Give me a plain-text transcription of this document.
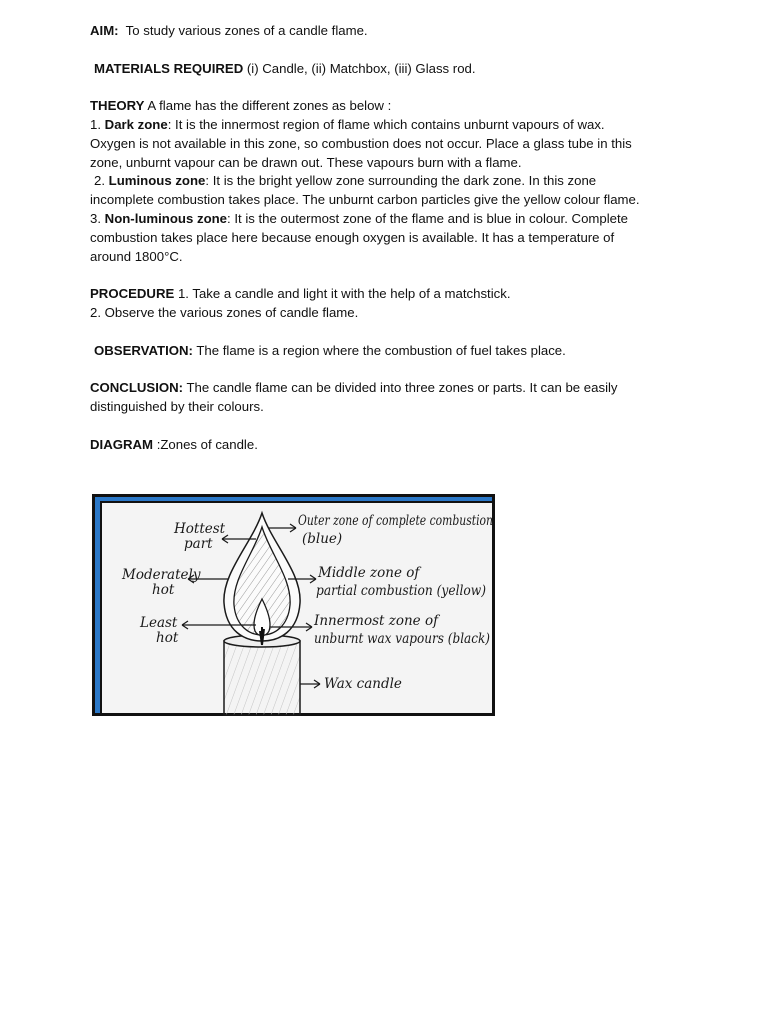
AIM: To study various zones of a candle flame.
MATERIALS REQUIRED (i) Candle, (ii) Matchbox, (iii) Glass rod.
THEORY A flame has the different zones as below :
1. Dark zone: It is the innermost region of flame which contains unburnt vapours of wax.
Oxygen is not available in this zone, so combustion does not occur. Place a glass tube in this
zone, unburnt vapour can be drawn out. These vapours burn with a flame.
2. Luminous zone: It is the bright yellow zone surrounding the dark zone. In this zone
incomplete combustion takes place. The unburnt carbon particles give the yellow colour flame.
3. Non-luminous zone: It is the outermost zone of the flame and is blue in colour. Complete
combustion takes place here because enough oxygen is available. It has a temperature of
around 1800°C.
PROCEDURE 1. Take a candle and light it with the help of a matchstick.
2. Observe the various zones of candle flame.
OBSERVATION: The flame is a region where the combustion of fuel takes place.
CONCLUSION: The candle flame can be divided into three zones or parts. It can be easily
distinguished by their colours.
DIAGRAM :Zones of candle.
Hottest
part
Moderately
hot
Least
hot
Outer zone of complete combustion
(blue)
Middle zone of
partial combustion (yellow)
Innermost zone of
unburnt wax vapours (black)
Wax candle
